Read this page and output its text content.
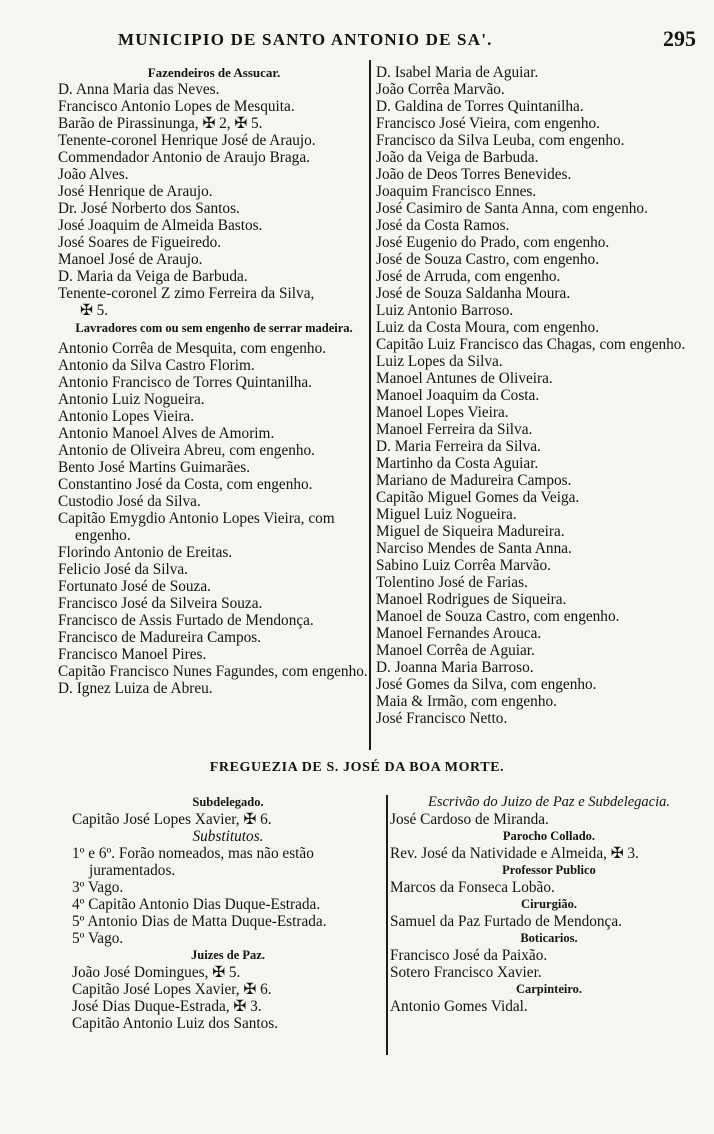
MUNICIPIO DE SANTO ANTONIO DE SA'.	295

Fazendeiros de Assucar.

D. Anna Maria das Neves.

Francisco Antonio Lopes de Mesquita.

Barão de Pirassinunga, ✠ 2, ✠ 5.

Tenente-coronel Henrique José de Araujo.

Commendador Antonio de Araujo Braga.

João Alves.

José Henrique de Araujo.

Dr. José Norberto dos Santos.

José Joaquim de Almeida Bastos.

José Soares de Figueiredo.

Manoel José de Araujo.

D. Maria da Veiga de Barbuda.

Tenente-coronel Z zimo Ferreira da Silva,

✠ 5.

Lavradores com ou sem engenho de serrar madeira.

Antonio Corrêa de Mesquita, com engenho.

Antonio da Silva Castro Florim.

Antonio Francisco de Torres Quintanilha.

Antonio Luiz Nogueira.

Antonio Lopes Vieira.

Antonio Manoel Alves de Amorim.

Antonio de Oliveira Abreu, com engenho.

Bento José Martins Guimarães.

Constantino José da Costa, com engenho.

Custodio José da Silva.

Capitão Emygdio Antonio Lopes Vieira, com engenho.

Florindo Antonio de Ereitas.

Felicio José da Silva.

Fortunato José de Souza.

Francisco José da Silveira Souza.

Francisco de Assis Furtado de Mendonça.

Francisco de Madureira Campos.

Francisco Manoel Pires.

Capitão Francisco Nunes Fagundes, com engenho.

D. Ignez Luiza de Abreu.

D. Isabel Maria de Aguiar.

João Corrêa Marvão.

D. Galdina de Torres Quintanilha.

Francisco José Vieira, com engenho.

Francisco da Silva Leuba, com engenho.

João da Veiga de Barbuda.

João de Deos Torres Benevides.

Joaquim Francisco Ennes.

José Casimiro de Santa Anna, com engenho.

José da Costa Ramos.

José Eugenio do Prado, com engenho.

José de Souza Castro, com engenho.

José de Arruda, com engenho.

José de Souza Saldanha Moura.

Luiz Antonio Barroso.

Luiz da Costa Moura, com engenho.

Capitão Luiz Francisco das Chagas, com engenho.

Luiz Lopes da Silva.

Manoel Antunes de Oliveira.

Manoel Joaquim da Costa.

Manoel Lopes Vieira.

Manoel Ferreira da Silva.

D. Maria Ferreira da Silva.

Martinho da Costa Aguiar.

Mariano de Madureira Campos.

Capitão Miguel Gomes da Veiga.

Miguel Luiz Nogueira.

Miguel de Siqueira Madureira.

Narciso Mendes de Santa Anna.

Sabino Luiz Corrêa Marvão.

Tolentino José de Farias.

Manoel Rodrigues de Siqueira.

Manoel de Souza Castro, com engenho.

Manoel Fernandes Arouca.

Manoel Corrêa de Aguiar.

D. Joanna Maria Barroso.

José Gomes da Silva, com engenho.

Maia & Irmão, com engenho.

José Francisco Netto.

FREGUEZIA DE S. JOSÉ DA BOA MORTE.

Subdelegado.

Capitão José Lopes Xavier, ✠ 6.

Substitutos.

1º e 6º. Forão nomeados, mas não estão juramentados.

3º Vago.

4º Capitão Antonio Dias Duque-Estrada.

5º Antonio Dias de Matta Duque-Estrada.

5º Vago.

Juizes de Paz.

João José Domingues, ✠ 5.

Capitão José Lopes Xavier, ✠ 6.

José Dias Duque-Estrada, ✠ 3.

Capitão Antonio Luiz dos Santos.

Escrivão do Juizo de Paz e Subdelegacia.

José Cardoso de Miranda.

Parocho Collado.

Rev. José da Natividade e Almeida, ✠ 3.

Professor Publico

Marcos da Fonseca Lobão.

Cirurgião.

Samuel da Paz Furtado de Mendonça.

Boticarios.

Francisco José da Paixão.

Sotero Francisco Xavier.

Carpinteiro.

Antonio Gomes Vidal.
